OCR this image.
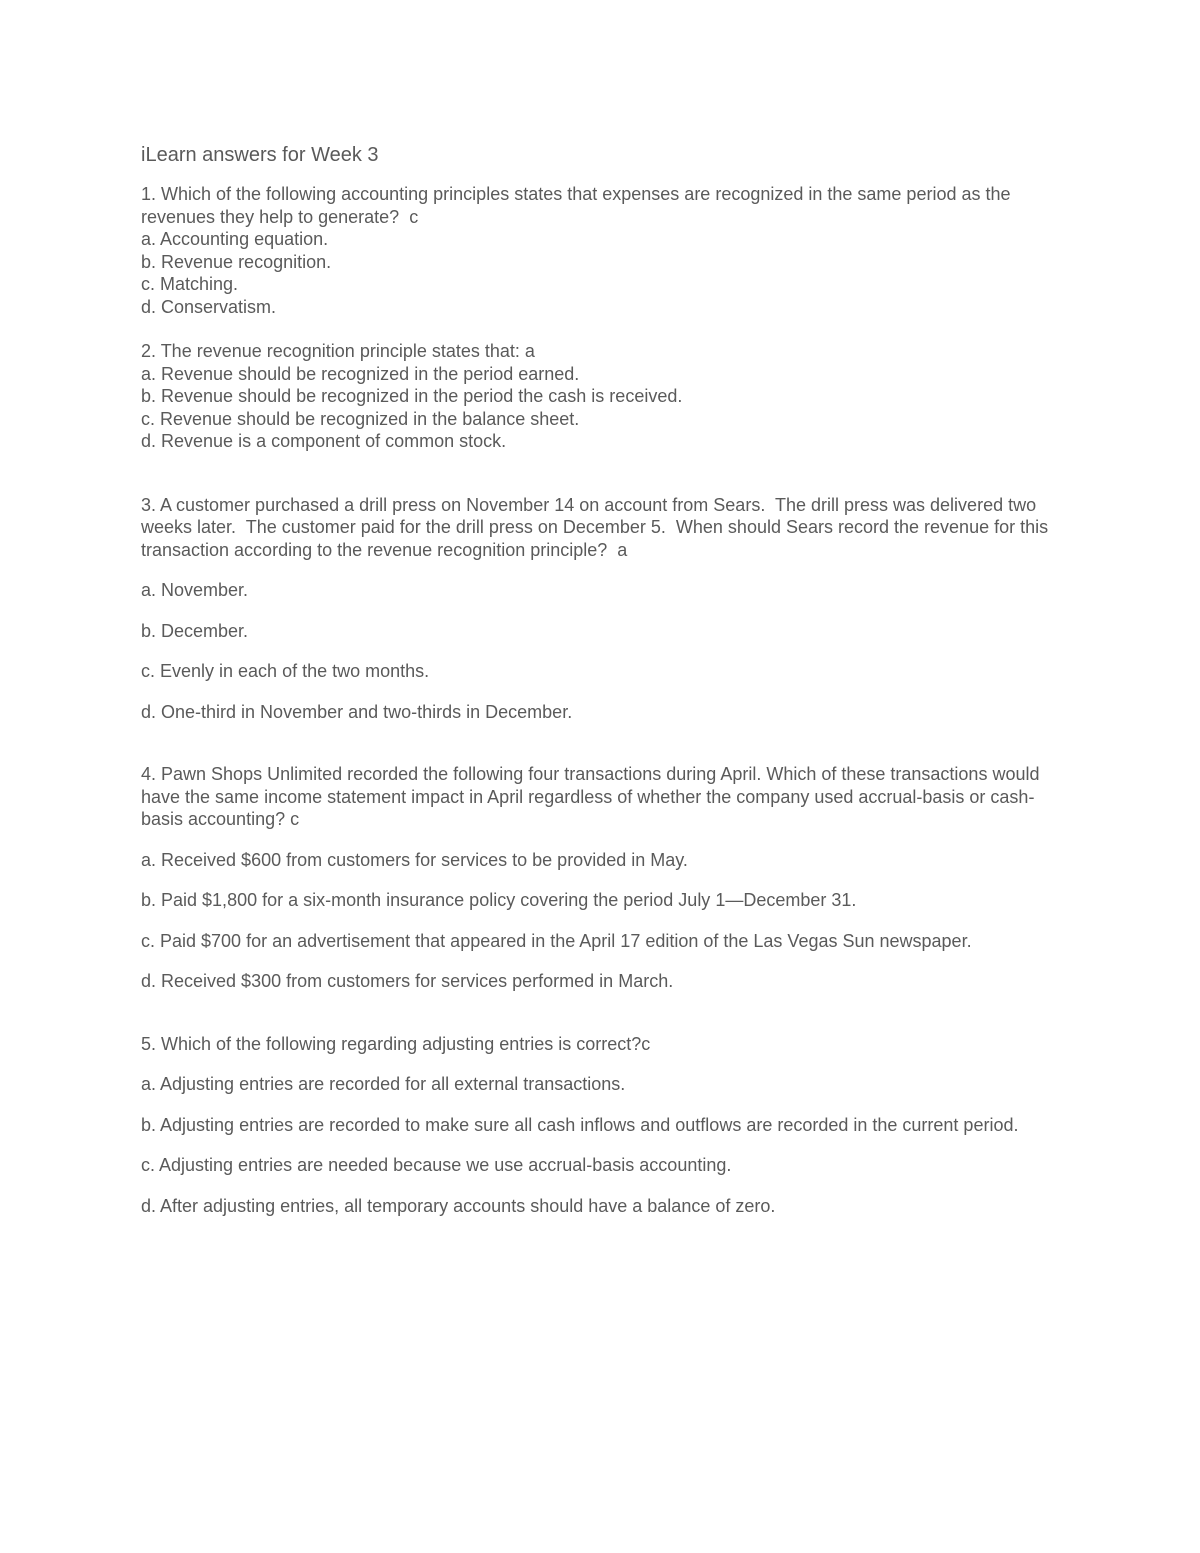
iLearn answers for Week 3
1. Which of the following accounting principles states that expenses are recognized in the same period as the revenues they help to generate?  c
a. Accounting equation.
b. Revenue recognition.
c. Matching.
d. Conservatism.
2. The revenue recognition principle states that: a
a. Revenue should be recognized in the period earned.
b. Revenue should be recognized in the period the cash is received.
c. Revenue should be recognized in the balance sheet.
d. Revenue is a component of common stock.
3. A customer purchased a drill press on November 14 on account from Sears.  The drill press was delivered two weeks later.  The customer paid for the drill press on December 5.  When should Sears record the revenue for this transaction according to the revenue recognition principle?  a
a. November.
b. December.
c. Evenly in each of the two months.
d. One-third in November and two-thirds in December.
4. Pawn Shops Unlimited recorded the following four transactions during April. Which of these transactions would have the same income statement impact in April regardless of whether the company used accrual-basis or cash-basis accounting? c
a. Received $600 from customers for services to be provided in May.
b. Paid $1,800 for a six-month insurance policy covering the period July 1—December 31.
c. Paid $700 for an advertisement that appeared in the April 17 edition of the Las Vegas Sun newspaper.
d. Received $300 from customers for services performed in March.
5. Which of the following regarding adjusting entries is correct?c
a. Adjusting entries are recorded for all external transactions.
b. Adjusting entries are recorded to make sure all cash inflows and outflows are recorded in the current period.
c. Adjusting entries are needed because we use accrual-basis accounting.
d. After adjusting entries, all temporary accounts should have a balance of zero.
